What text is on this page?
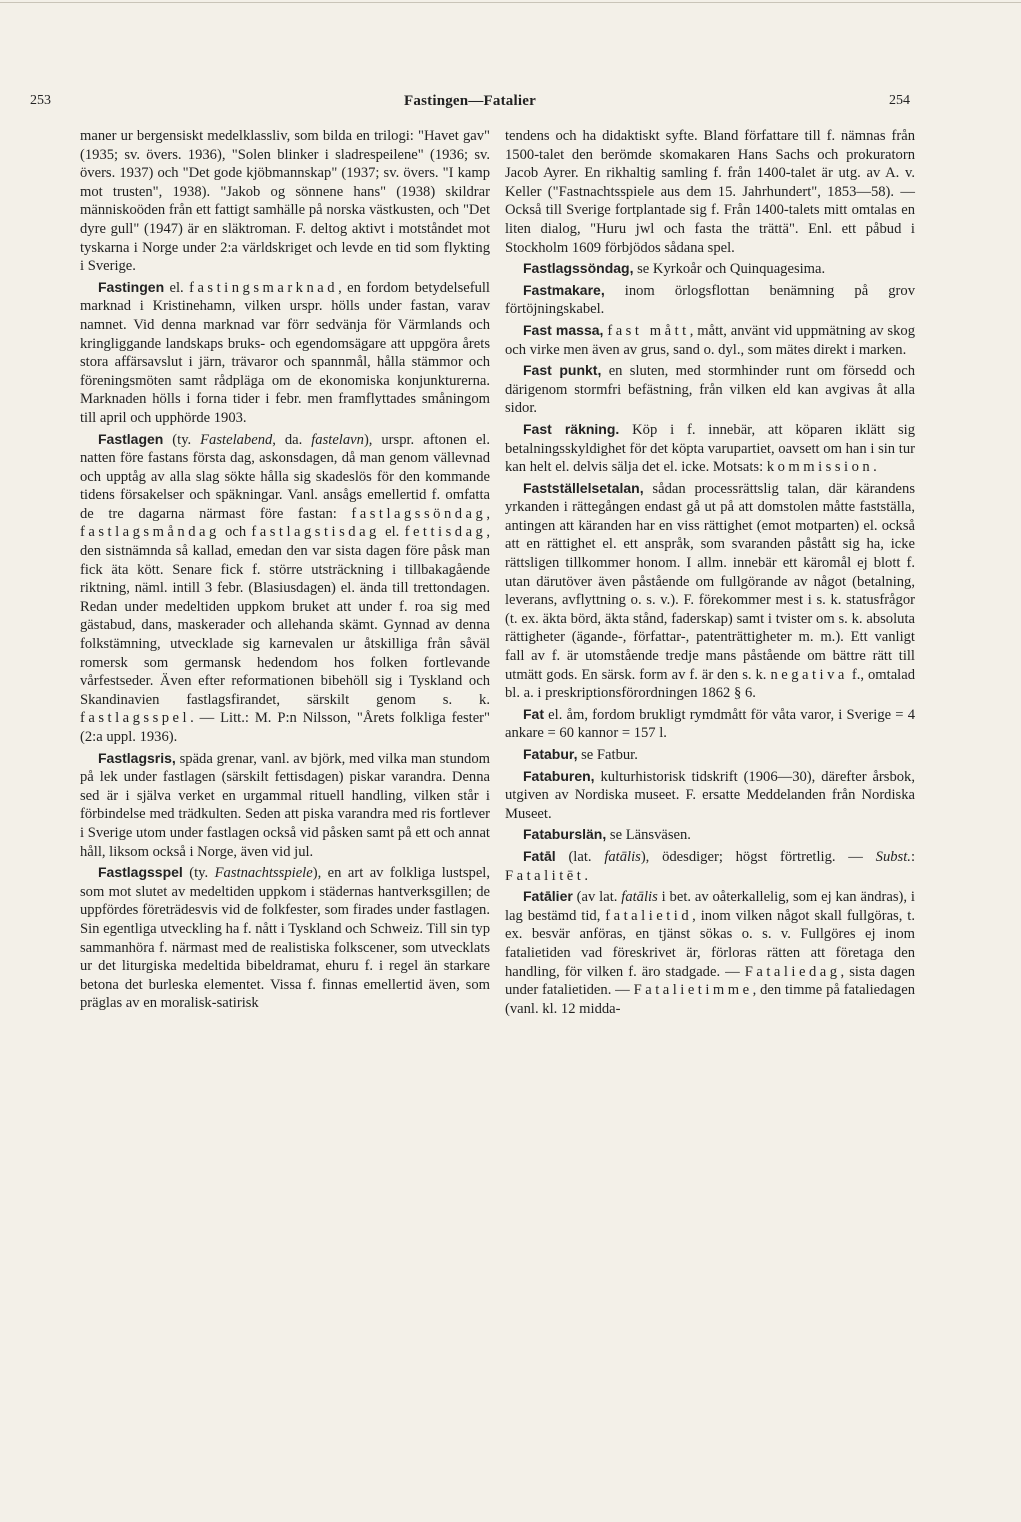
253	Fastingen—Fatalier	254

maner ur bergensiskt medelklassliv, som bilda en trilogi: "Havet gav" (1935; sv. övers. 1936), "Solen blinker i sladrespeilene" (1936; sv. övers. 1937) och "Det gode kjöbmannskap" (1937; sv. övers. "I kamp mot trusten", 1938). "Jakob og sönnene hans" (1938) skildrar människoöden från ett fattigt samhälle på norska västkusten, och "Det dyre gull" (1947) är en släktroman. F. deltog aktivt i motståndet mot tyskarna i Norge under 2:a världskriget och levde en tid som flykting i Sverige.

Fastingen el. fastingsmarknad, en fordom betydelsefull marknad i Kristinehamn, vilken urspr. hölls under fastan, varav namnet. Vid denna marknad var förr sedvänja för Värmlands och kringliggande landskaps bruks- och egendomsägare att uppgöra årets stora affärsavslut i järn, trävaror och spannmål, hålla stämmor och föreningsmöten samt rådpläga om de ekonomiska konjunkturerna. Marknaden hölls i forna tider i febr. men framflyttades småningom till april och upphörde 1903.

Fastlagen (ty. Fastelabend, da. fastelavn), urspr. aftonen el. natten före fastans första dag, askonsdagen, då man genom vällevnad och upptåg av alla slag sökte hålla sig skadeslös för den kommande tidens försakelser och späkningar. Vanl. ansågs emellertid f. omfatta de tre dagarna närmast före fastan: fastlagssöndag, fastlagsmåndag och fastlagstisdag el. fettisdag, den sistnämnda så kallad, emedan den var sista dagen före påsk man fick äta kött. Senare fick f. större utsträckning i tillbakagående riktning, näml. intill 3 febr. (Blasiusdagen) el. ända till trettondagen. Redan under medeltiden uppkom bruket att under f. roa sig med gästabud, dans, maskerader och allehanda skämt. Gynnad av denna folkstämning, utvecklade sig karnevalen ur åtskilliga från såväl romersk som germansk hedendom hos folken fortlevande vårfestseder. Även efter reformationen bibehöll sig i Tyskland och Skandinavien fastlagsfirandet, särskilt genom s. k. fastlagsspel. — Litt.: M. P:n Nilsson, "Årets folkliga fester" (2:a uppl. 1936).

Fastlagsris, späda grenar, vanl. av björk, med vilka man stundom på lek under fastlagen (särskilt fettisdagen) piskar varandra. Denna sed är i själva verket en urgammal rituell handling, vilken står i förbindelse med trädkulten. Seden att piska varandra med ris fortlever i Sverige utom under fastlagen också vid påsken samt på ett och annat håll, liksom också i Norge, även vid jul.

Fastlagsspel (ty. Fastnachtsspiele), en art av folkliga lustspel, som mot slutet av medeltiden uppkom i städernas hantverksgillen; de uppfördes företrädesvis vid de folkfester, som firades under fastlagen. Sin egentliga utveckling ha f. nått i Tyskland och Schweiz. Till sin typ sammanhöra f. närmast med de realistiska folkscener, som utvecklats ur det liturgiska medeltida bibeldramat, ehuru f. i regel än starkare betona det burleska elementet. Vissa f. finnas emellertid även, som präglas av en moralisk-satirisk

tendens och ha didaktiskt syfte. Bland författare till f. nämnas från 1500-talet den berömde skomakaren Hans Sachs och prokuratorn Jacob Ayrer. En rikhaltig samling f. från 1400-talet är utg. av A. v. Keller ("Fastnachtsspiele aus dem 15. Jahrhundert", 1853—58). — Också till Sverige fortplantade sig f. Från 1400-talets mitt omtalas en liten dialog, "Huru jwl och fasta the trättä". Enl. ett påbud i Stockholm 1609 förbjödos sådana spel.

Fastlagssöndag, se Kyrkoår och Quinquagesima.

Fastmakare, inom örlogsflottan benämning på grov förtöjningskabel.

Fast massa, fast mått, mått, använt vid uppmätning av skog och virke men även av grus, sand o. dyl., som mätes direkt i marken.

Fast punkt, en sluten, med stormhinder runt om försedd och därigenom stormfri befästning, från vilken eld kan avgivas åt alla sidor.

Fast räkning. Köp i f. innebär, att köparen iklätt sig betalningsskyldighet för det köpta varupartiet, oavsett om han i sin tur kan helt el. delvis sälja det el. icke. Motsats: kommission.

Fastställelsetalan, sådan processrättslig talan, där kärandens yrkanden i rättegången endast gå ut på att domstolen måtte fastställa, antingen att käranden har en viss rättighet (emot motparten) el. också att en rättighet el. ett anspråk, som svaranden påstått sig ha, icke rättsligen tillkommer honom. I allm. innebär ett käromål ej blott f. utan därutöver även påstående om fullgörande av något (betalning, leverans, avflyttning o. s. v.). F. förekommer mest i s. k. statusfrågor (t. ex. äkta börd, äkta stånd, faderskap) samt i tvister om s. k. absoluta rättigheter (ägande-, författar-, patenträttigheter m. m.). Ett vanligt fall av f. är utomstående tredje mans påstående om bättre rätt till utmätt gods. En särsk. form av f. är den s. k. negativa f., omtalad bl. a. i preskriptionsförordningen 1862 § 6.

Fat el. åm, fordom brukligt rymdmått för våta varor, i Sverige = 4 ankare = 60 kannor = 157 l.

Fatabur, se Fatbur.

Fataburen, kulturhistorisk tidskrift (1906—30), därefter årsbok, utgiven av Nordiska museet. F. ersatte Meddelanden från Nordiska Museet.

Fataburslän, se Länsväsen.

Fatāl (lat. fatālis), ödesdiger; högst förtretlig. — Subst.: Fatalitēt.

Fatālier (av lat. fatālis i bet. av oåterkallelig, som ej kan ändras), i lag bestämd tid, fatalietid, inom vilken något skall fullgöras, t. ex. besvär anföras, en tjänst sökas o. s. v. Fullgöres ej inom fatalietiden vad föreskrivet är, förloras rätten att företaga den handling, för vilken f. äro stadgade. — Fataliedag, sista dagen under fatalietiden. — Fatalietimme, den timme på fataliedagen (vanl. kl. 12 midda-
